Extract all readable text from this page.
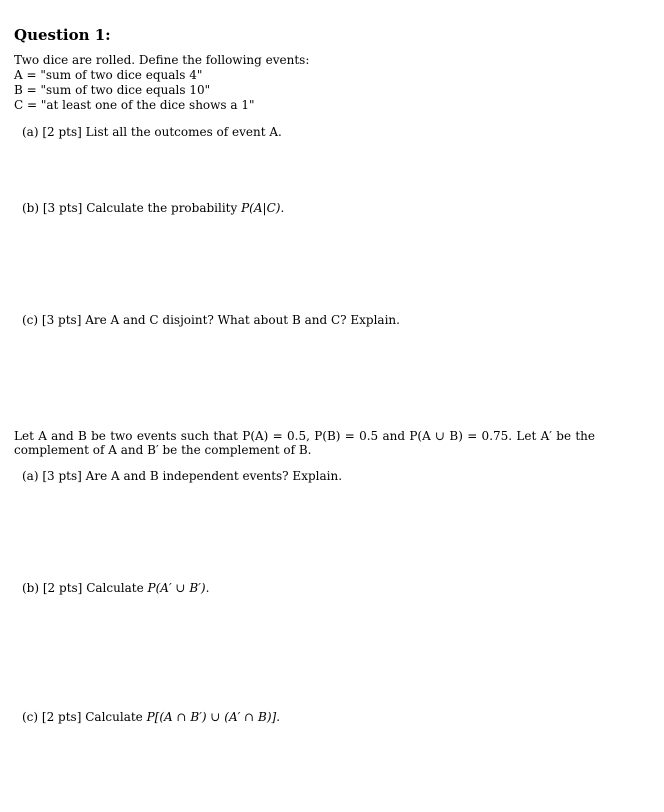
Question 1:
Two dice are rolled. Define the following events:
A = "sum of two dice equals 4"
B = "sum of two dice equals 10"
C = "at least one of the dice shows a 1"
(a) [2 pts] List all the outcomes of event A.
(b) [3 pts] Calculate the probability P(A|C).
(c) [3 pts] Are A and C disjoint? What about B and C? Explain.
Let A and B be two events such that P(A) = 0.5, P(B) = 0.5 and P(A ∪ B) = 0.75. Let A′ be the
complement of A and B′ be the complement of B.
(a) [3 pts] Are A and B independent events? Explain.
(b) [2 pts] Calculate P(A′ ∪ B′).
(c) [2 pts] Calculate P[(A ∩ B′) ∪ (A′ ∩ B)].
